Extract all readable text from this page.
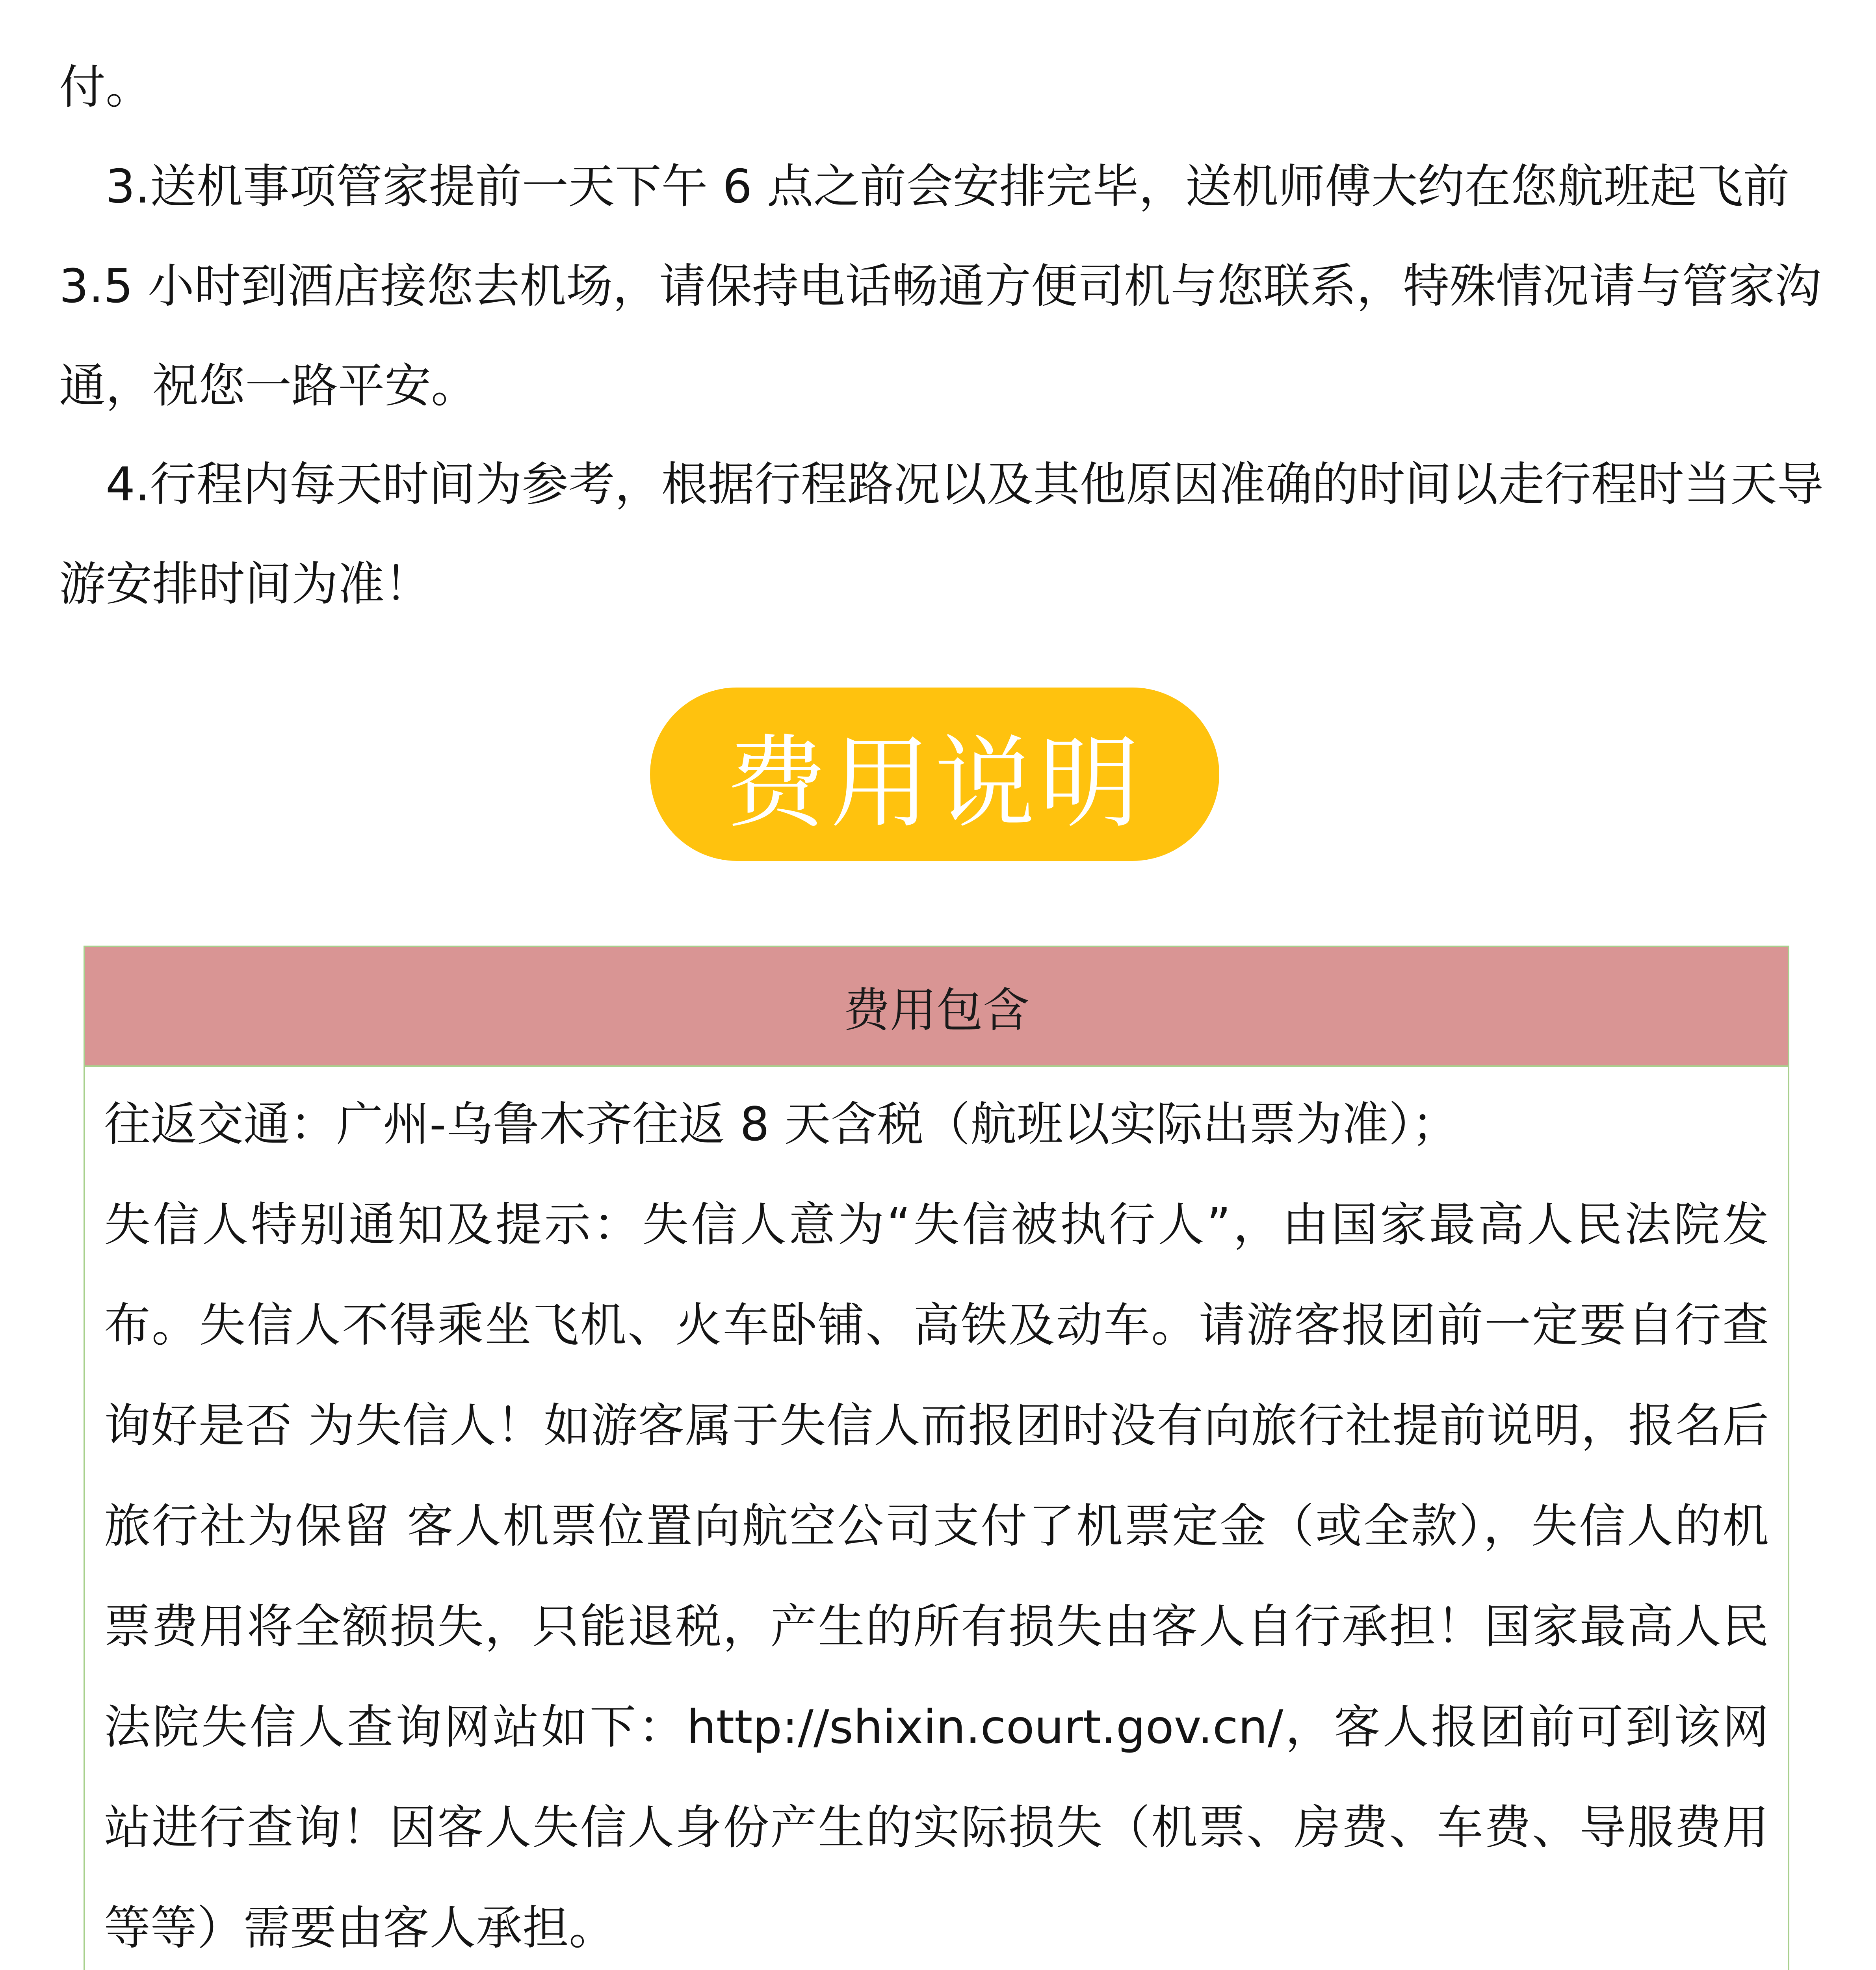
付。

3.送机事项管家提前一天下午 6 点之前会安排完毕，送机师傅大约在您航班起飞前 3.5 小时到酒店接您去机场，请保持电话畅通方便司机与您联系，特殊情况请与管家沟通，祝您一路平安。

4.行程内每天时间为参考，根据行程路况以及其他原因准确的时间以走行程时当天导游安排时间为准！

费用说明
费用包含

往返交通：广州-乌鲁木齐往返 8 天含税（航班以实际出票为准）；

失信人特别通知及提示：失信人意为“失信被执行人”，由国家最高人民法院发布。失信人不得乘坐飞机、火车卧铺、高铁及动车。请游客报团前一定要自行查询好是否 为失信人！如游客属于失信人而报团时没有向旅行社提前说明，报名后旅行社为保留 客人机票位置向航空公司支付了机票定金（或全款），失信人的机票费用将全额损失，只能退税，产生的所有损失由客人自行承担！国家最高人民法院失信人查询网站如下：http://shixin.court.gov.cn/，客人报团前可到该网站进行查询！因客人失信人身份产生的实际损失（机票、房费、车费、导服费用等等）需要由客人承担。
